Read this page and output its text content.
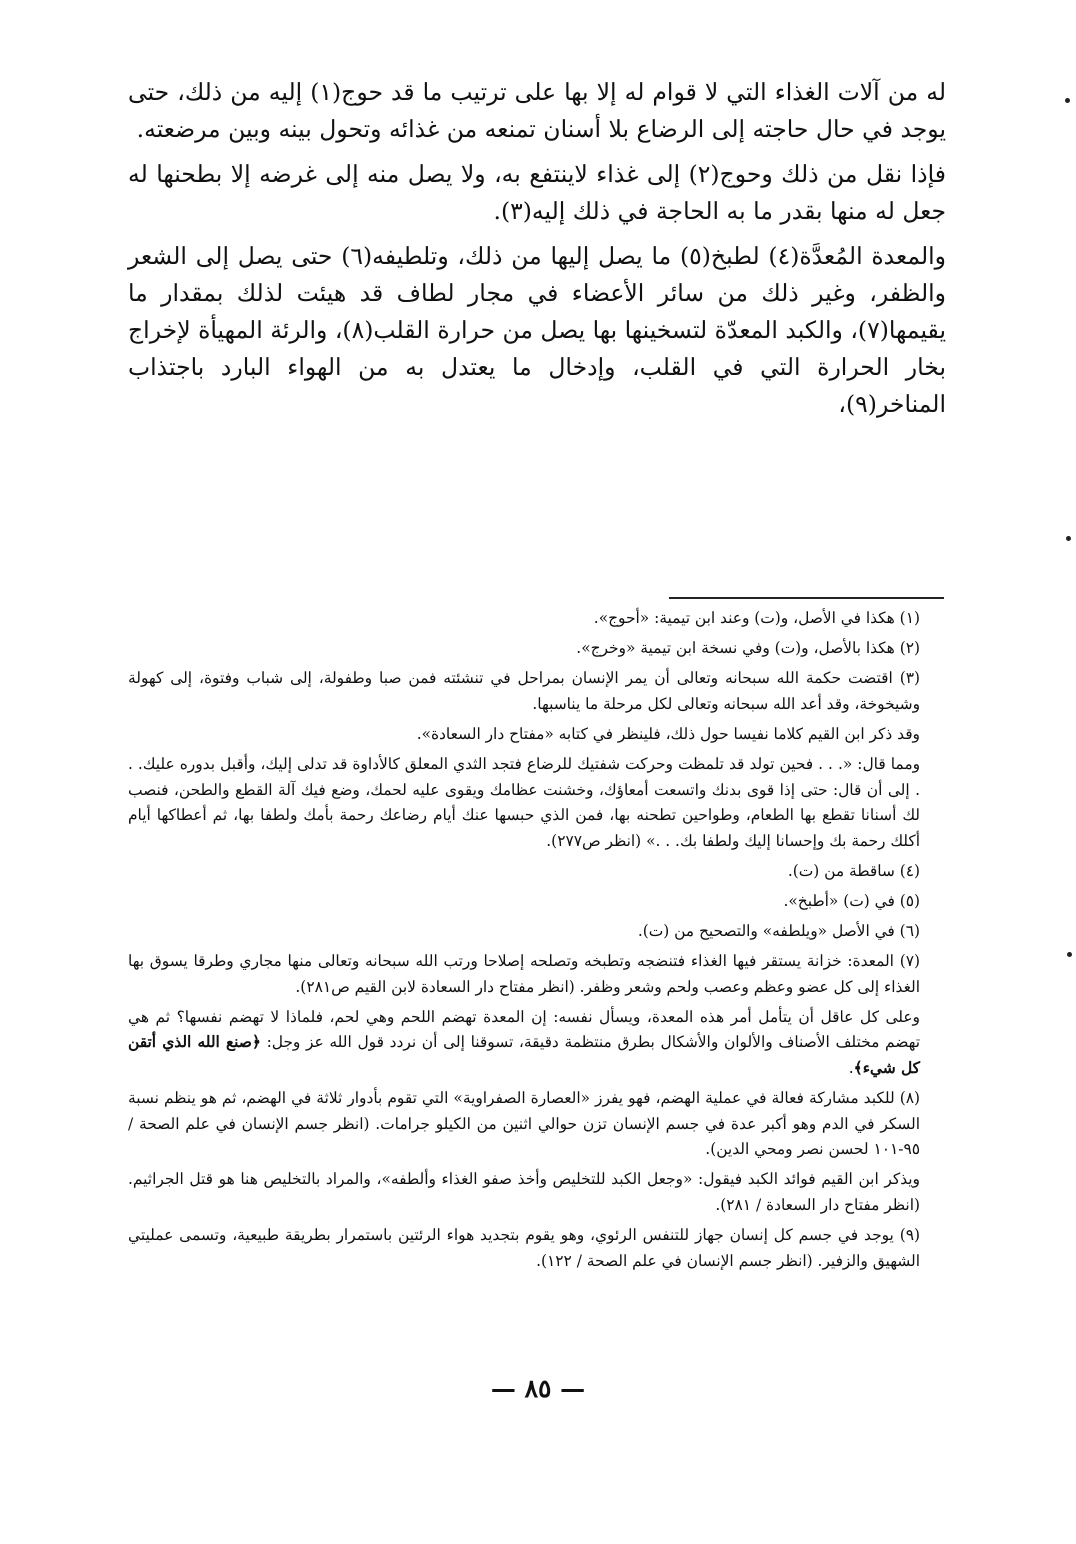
له من آلات الغذاء التي لا قوام له إلا بها على ترتيب ما قد حوج(١) إليه من ذلك، حتى يوجد في حال حاجته إلى الرضاع بلا أسنان تمنعه من غذائه وتحول بينه وبين مرضعته.

فإذا نقل من ذلك وحوج(٢) إلى غذاء لاينتفع به، ولا يصل منه إلى غرضه إلا بطحنها له جعل له منها بقدر ما به الحاجة في ذلك إليه(٣).

والمعدة المُعدَّة(٤) لطبخ(٥) ما يصل إليها من ذلك، وتلطيفه(٦) حتى يصل إلى الشعر والظفر، وغير ذلك من سائر الأعضاء في مجار لطاف قد هيئت لذلك بمقدار ما يقيمها(٧)، والكبد المعدّة لتسخينها بها يصل من حرارة القلب(٨)، والرئة المهيأة لإخراج بخار الحرارة التي في القلب، وإدخال ما يعتدل به من الهواء البارد باجتذاب المناخر(٩)،

(١) هكذا في الأصل، و(ت) وعند ابن تيمية: «أحوج».

(٢) هكذا بالأصل، و(ت) وفي نسخة ابن تيمية «وخرج».

(٣) اقتضت حكمة الله سبحانه وتعالى أن يمر الإنسان بمراحل في تنشئته فمن صبا وطفولة، إلى شباب وفتوة، إلى كهولة وشيخوخة، وقد أعد الله سبحانه وتعالى لكل مرحلة ما يناسبها.

وقد ذكر ابن القيم كلاما نفيسا حول ذلك، فلينظر في كتابه «مفتاح دار السعادة».

ومما قال: «. . . فحين تولد قد تلمظت وحركت شفتيك للرضاع فتجد الثدي المعلق كالأداوة قد تدلى إليك، وأقبل بدوره عليك. . . إلى أن قال: حتى إذا قوى بدنك واتسعت أمعاؤك، وخشنت عظامك ويقوى عليه لحمك، وضع فيك آلة القطع والطحن، فنصب لك أسنانا تقطع بها الطعام، وطواحين تطحنه بها، فمن الذي حبسها عنك أيام رضاعك رحمة بأمك ولطفا بها، ثم أعطاكها أيام أكلك رحمة بك وإحسانا إليك ولطفا بك. . .» (انظر ص٢٧٧).

(٤) ساقطة من (ت).

(٥) في (ت) «أطبخ».

(٦) في الأصل «ويلطفه» والتصحيح من (ت).

(٧) المعدة: خزانة يستقر فيها الغذاء فتنضجه وتطبخه وتصلحه إصلاحا ورتب الله سبحانه وتعالى منها مجاري وطرقا يسوق بها الغذاء إلى كل عضو وعظم وعصب ولحم وشعر وظفر. (انظر مفتاح دار السعادة لابن القيم ص٢٨١).

وعلى كل عاقل أن يتأمل أمر هذه المعدة، ويسأل نفسه: إن المعدة تهضم اللحم وهي لحم، فلماذا لا تهضم نفسها؟ ثم هي تهضم مختلف الأصناف والألوان والأشكال بطرق منتظمة دقيقة، تسوقنا إلى أن نردد قول الله عز وجل: ﴿صنع الله الذي أتقن كل شيء﴾.

(٨) للكبد مشاركة فعالة في عملية الهضم، فهو يفرز «العصارة الصفراوية» التي تقوم بأدوار ثلاثة في الهضم، ثم هو ينظم نسبة السكر في الدم وهو أكبر عدة في جسم الإنسان تزن حوالي اثنين من الكيلو جرامات. (انظر جسم الإنسان في علم الصحة / ٩٥-١٠١ لحسن نصر ومحي الدين).

ويذكر ابن القيم فوائد الكبد فيقول: «وجعل الكبد للتخليص وأخذ صفو الغذاء وألطفه»، والمراد بالتخليص هنا هو قتل الجراثيم. (انظر مفتاح دار السعادة / ٢٨١).

(٩) يوجد في جسم كل إنسان جهاز للتنفس الرئوي، وهو يقوم بتجديد هواء الرئتين باستمرار بطريقة طبيعية، وتسمى عمليتي الشهيق والزفير. (انظر جسم الإنسان في علم الصحة / ١٢٢).

— ٨٥ —
